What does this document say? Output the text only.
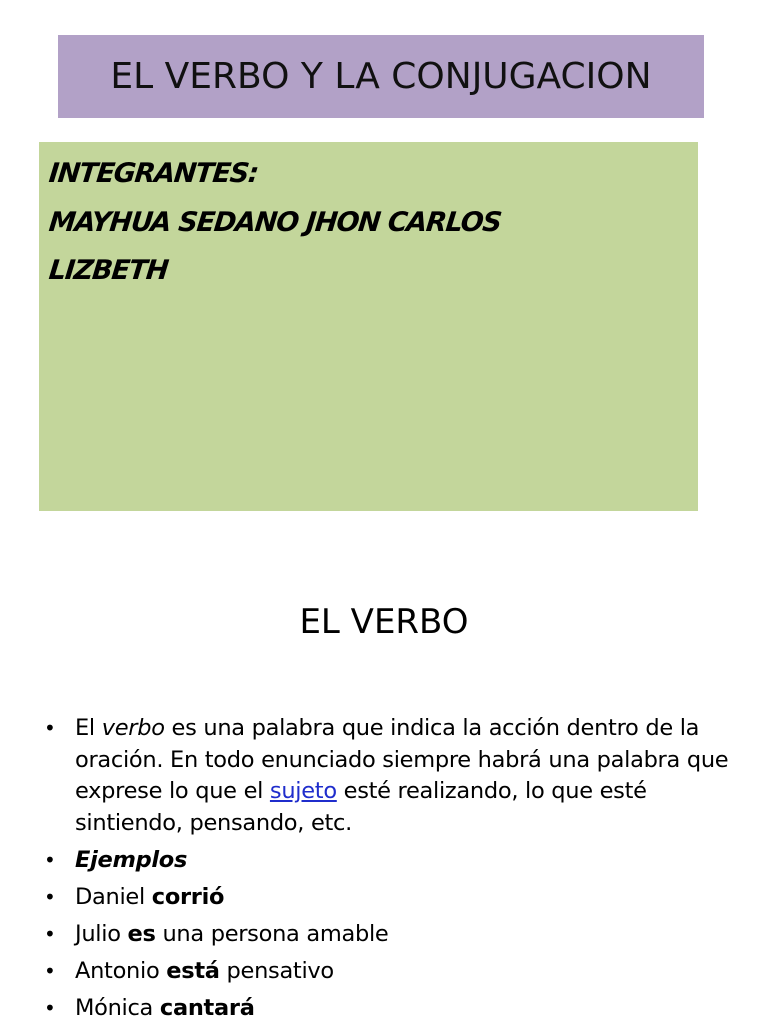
EL VERBO Y LA CONJUGACION
INTEGRANTES:
MAYHUA SEDANO JHON CARLOS
LIZBETH
EL VERBO
• El verbo es una palabra que indica la acción dentro de la oración. En todo enunciado siempre habrá una palabra que exprese lo que el sujeto esté realizando, lo que esté sintiendo, pensando, etc.
• Ejemplos
• Daniel corrió
• Julio es una persona amable
• Antonio está pensativo
• Mónica cantará
